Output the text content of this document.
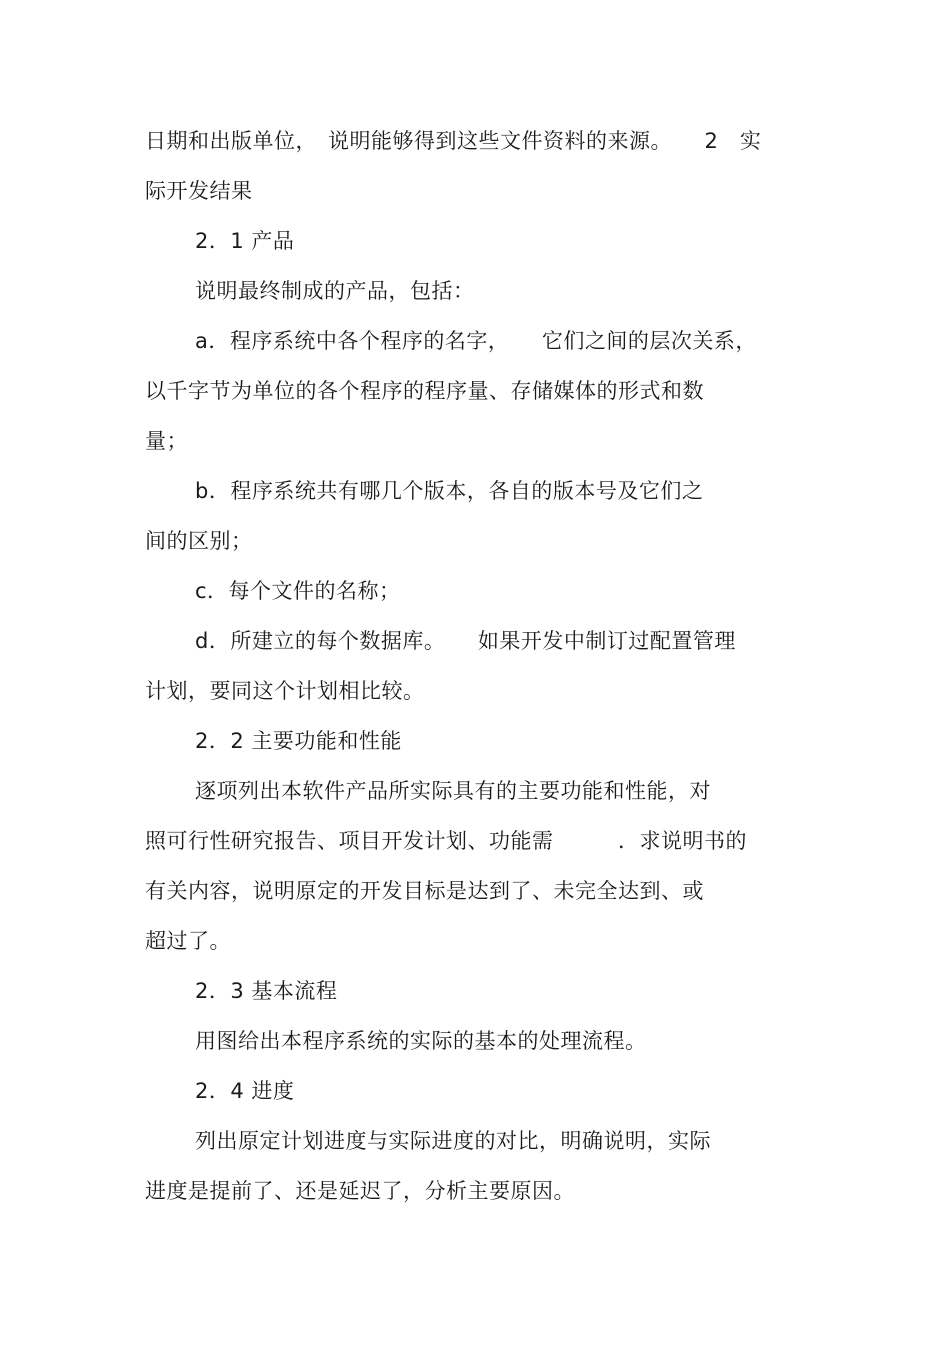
日期和出版单位，　说明能够得到这些文件资料的来源。　　2　实
际开发结果
2．1 产品
说明最终制成的产品，包括：
a．程序系统中各个程序的名字，　　它们之间的层次关系，
以千字节为单位的各个程序的程序量、存储媒体的形式和数
量；
b．程序系统共有哪几个版本，各自的版本号及它们之
间的区别；
c．每个文件的名称；
d．所建立的每个数据库。　　如果开发中制订过配置管理
计划，要同这个计划相比较。
2．2 主要功能和性能
逐项列出本软件产品所实际具有的主要功能和性能，对
照可行性研究报告、项目开发计划、功能需　　　．求说明书的
有关内容，说明原定的开发目标是达到了、未完全达到、或
超过了。
2．3 基本流程
用图给出本程序系统的实际的基本的处理流程。
2．4 进度
列出原定计划进度与实际进度的对比，明确说明，实际
进度是提前了、还是延迟了，分析主要原因。
